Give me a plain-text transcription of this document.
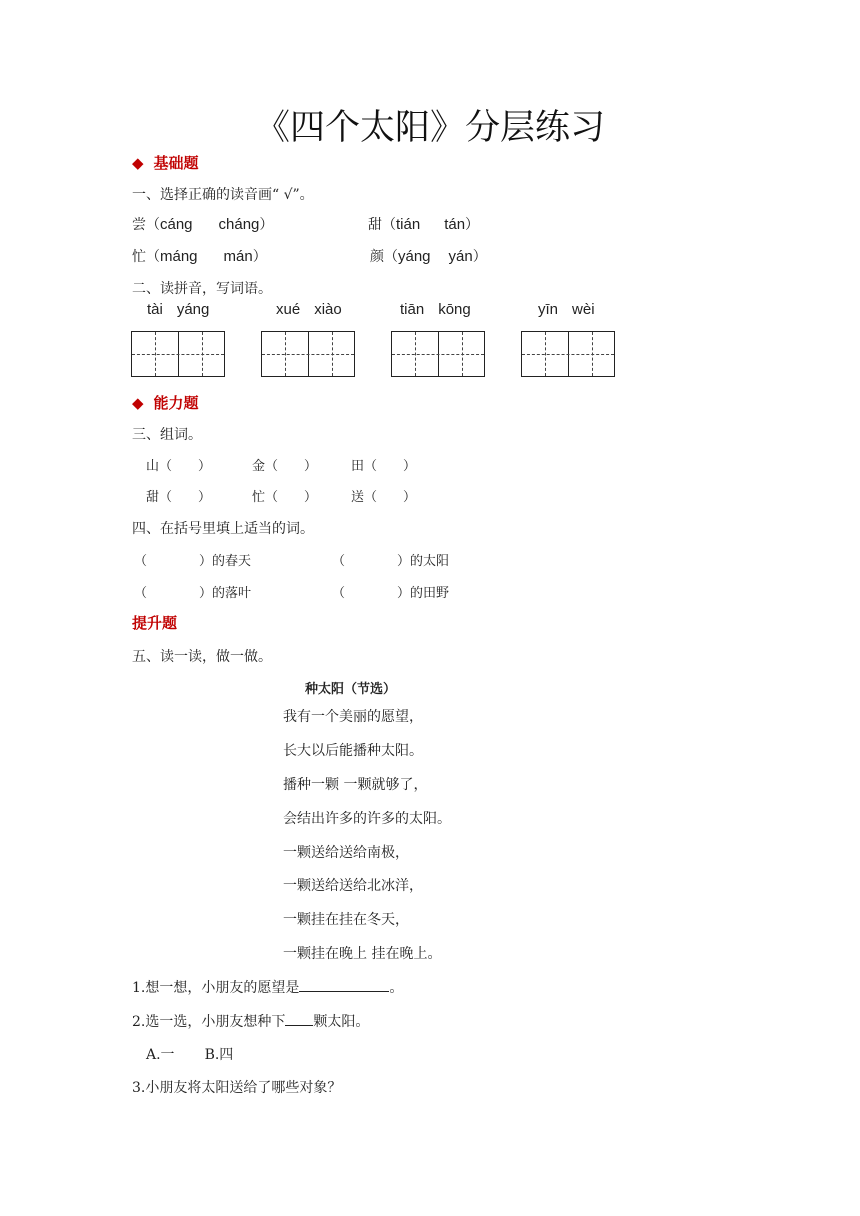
《四个太阳》分层练习
◆ 基础题
一、选择正确的读音画“ √”。
尝（cáng cháng）	甜（tián tán）
忙（máng mán）	颜（yáng yán）
二、读拼音，写词语。
tài yáng	xué xiào	tiān kōng	yīn wèi
◆ 能力题
三、组词。
山（　　）	金（　　）	田（　　）
甜（　　）	忙（　　）	送（　　）
四、在括号里填上适当的词。
（　　　　）的春天	（　　　　）的太阳
（　　　　）的落叶	（　　　　）的田野
提升题
五、读一读，做一做。
种太阳（节选）
我有一个美丽的愿望，
长大以后能播种太阳。
播种一颗 一颗就够了，
会结出许多的许多的太阳。
一颗送给送给南极，
一颗送给送给北冰洋，
一颗挂在挂在冬天，
一颗挂在晚上 挂在晚上。
1.想一想，小朋友的愿望是	。
2.选一选，小朋友想种下 颗太阳。
A.一 B.四
3.小朋友将太阳送给了哪些对象？
